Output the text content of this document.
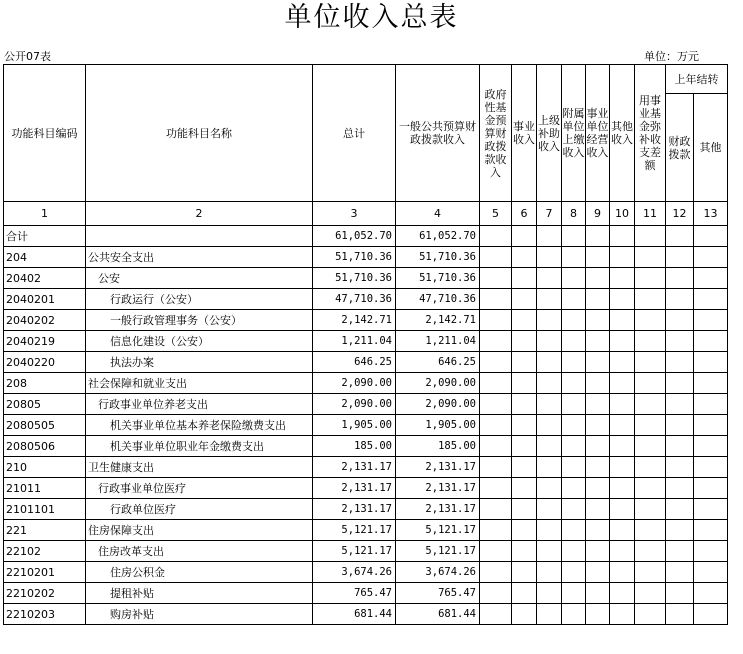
单位收入总表
公开07表	单位：万元
功能科目编码	功能科目名称	总计	一般公共预算财政拨款收入	政府性基金预算财政拨款收入	事业收入	上级补助收入	附属单位上缴收入	事业单位经营收入	其他收入	用事业基金弥补收支差额	上年结转	
											财政拨款	其他
1	2	3	4	5	6	7	8	9	10	11	12	13
合计		61,052.70	61,052.70									
204	公共安全支出	51,710.36	51,710.36									
20402	公安	51,710.36	51,710.36									
2040201	行政运行（公安）	47,710.36	47,710.36									
2040202	一般行政管理事务（公安）	2,142.71	2,142.71									
2040219	信息化建设（公安）	1,211.04	1,211.04									
2040220	执法办案	646.25	646.25									
208	社会保障和就业支出	2,090.00	2,090.00									
20805	行政事业单位养老支出	2,090.00	2,090.00									
2080505	机关事业单位基本养老保险缴费支出	1,905.00	1,905.00									
2080506	机关事业单位职业年金缴费支出	185.00	185.00									
210	卫生健康支出	2,131.17	2,131.17									
21011	行政事业单位医疗	2,131.17	2,131.17									
2101101	行政单位医疗	2,131.17	2,131.17									
221	住房保障支出	5,121.17	5,121.17									
22102	住房改革支出	5,121.17	5,121.17									
2210201	住房公积金	3,674.26	3,674.26									
2210202	提租补贴	765.47	765.47									
2210203	购房补贴	681.44	681.44									
